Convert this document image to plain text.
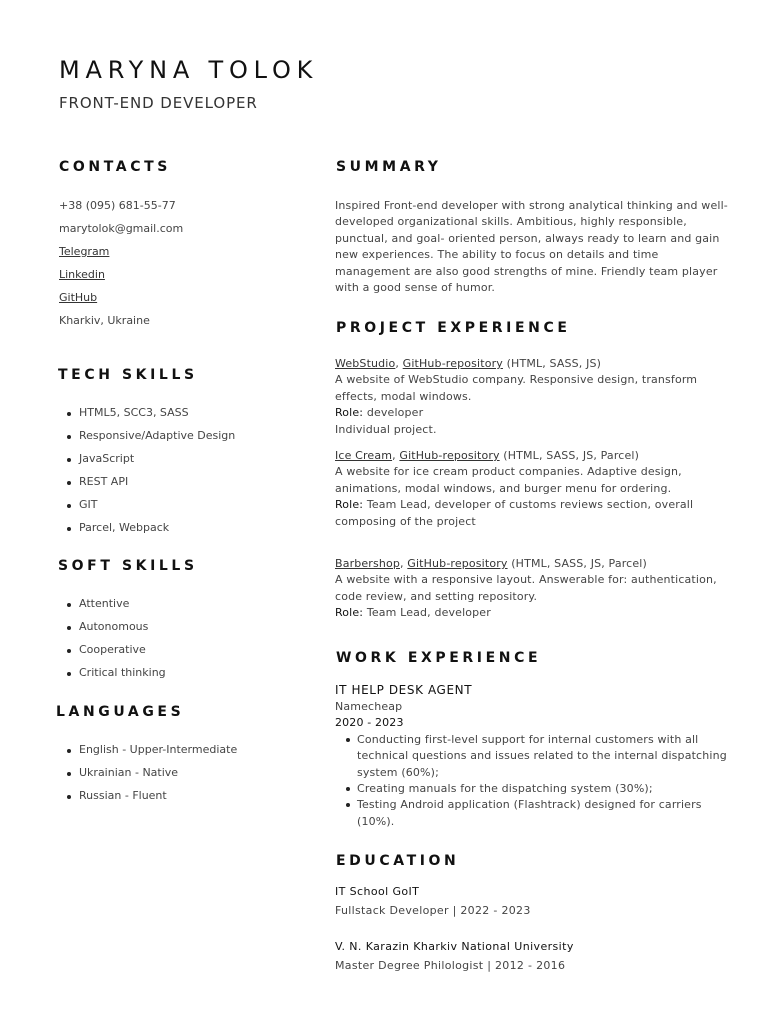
MARYNA TOLOK
FRONT-END DEVELOPER
CONTACTS
+38 (095) 681-55-77
marytolok@gmail.com
Telegram
Linkedin
GitHub
Kharkiv, Ukraine
TECH SKILLS
HTML5, SCC3, SASS
Responsive/Adaptive Design
JavaScript
REST API
GIT
Parcel, Webpack
SOFT SKILLS
Attentive
Autonomous
Cooperative
Critical thinking
LANGUAGES
English - Upper-Intermediate
Ukrainian - Native
Russian - Fluent
SUMMARY

Inspired Front-end developer with strong analytical thinking and well-developed organizational skills. Ambitious, highly responsible, punctual, and goal- oriented person, always ready to learn and gain new experiences. The ability to focus on details and time management are also good strengths of mine. Friendly team player with a good sense of humor.

PROJECT EXPERIENCE

WebStudio, GitHub-repository (HTML, SASS, JS)

A website of WebStudio company. Responsive design, transform effects, modal windows.

Role: developer

Individual project.

Ice Cream, GitHub-repository (HTML, SASS, JS, Parcel)

A website for ice cream product companies. Adaptive design, animations, modal windows, and burger menu for ordering.

Role: Team Lead, developer of customs reviews section, overall composing of the project

Barbershop, GitHub-repository (HTML, SASS, JS, Parcel)

A website with a responsive layout. Answerable for: authentication, code review, and setting repository.

Role: Team Lead, developer

WORK EXPERIENCE
IT HELP DESK AGENT
Namecheap
2020 - 2023
Conducting first-level support for internal customers with all technical questions and issues related to the internal dispatching system (60%);
Creating manuals for the dispatching system (30%);
Testing Android application (Flashtrack) designed for carriers (10%).
EDUCATION
IT School GoIT
Fullstack Developer | 2022 - 2023
V. N. Karazin Kharkiv National University
Master Degree Philologist | 2012 - 2016
